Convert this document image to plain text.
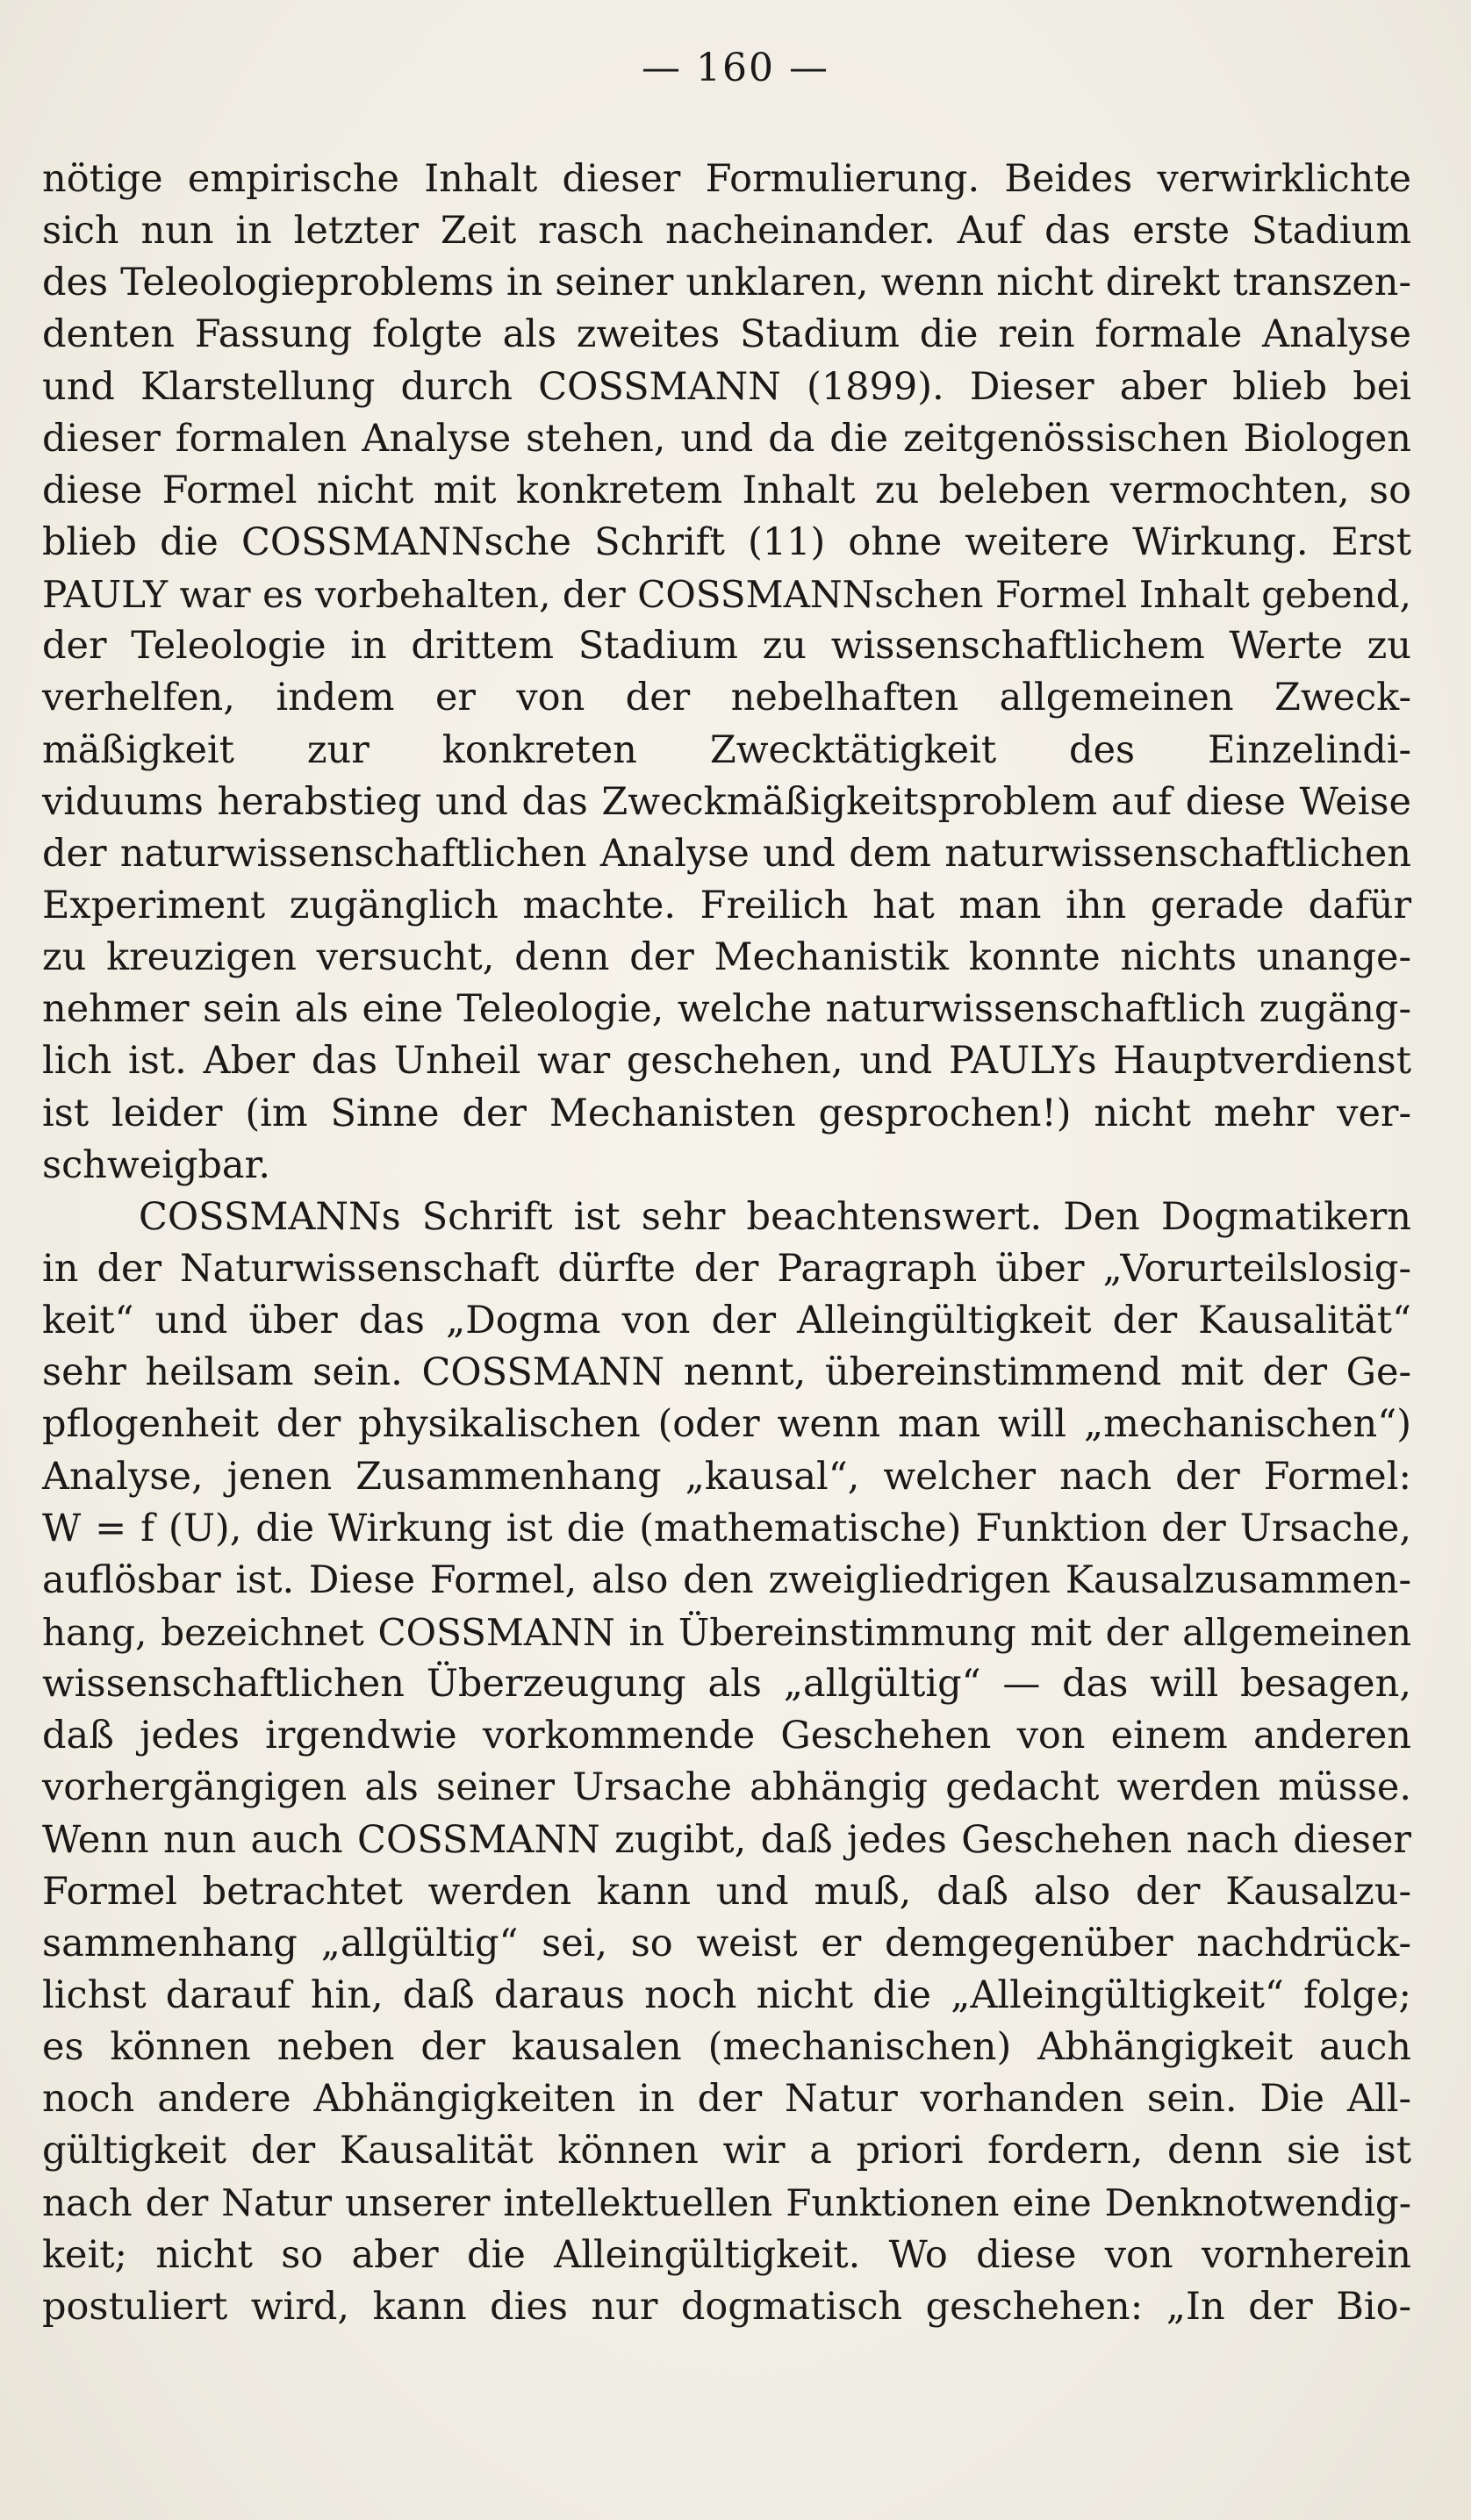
— 160 —
nötige empirische Inhalt dieser Formulierung. Beides verwirklichte
sich nun in letzter Zeit rasch nacheinander. Auf das erste Stadium
des Teleologieproblems in seiner unklaren, wenn nicht direkt transzen-
denten Fassung folgte als zweites Stadium die rein formale Analyse
und Klarstellung durch COSSMANN (1899). Dieser aber blieb bei
dieser formalen Analyse stehen, und da die zeitgenössischen Biologen
diese Formel nicht mit konkretem Inhalt zu beleben vermochten, so
blieb die COSSMANNsche Schrift (11) ohne weitere Wirkung. Erst
PAULY war es vorbehalten, der COSSMANNschen Formel Inhalt gebend,
der Teleologie in drittem Stadium zu wissenschaftlichem Werte zu
verhelfen, indem er von der nebelhaften allgemeinen Zweck-
mäßigkeit zur konkreten Zwecktätigkeit des Einzelindi-
viduums herabstieg und das Zweckmäßigkeitsproblem auf diese Weise
der naturwissenschaftlichen Analyse und dem naturwissenschaftlichen
Experiment zugänglich machte. Freilich hat man ihn gerade dafür
zu kreuzigen versucht, denn der Mechanistik konnte nichts unange-
nehmer sein als eine Teleologie, welche naturwissenschaftlich zugäng-
lich ist. Aber das Unheil war geschehen, und PAULYs Hauptverdienst
ist leider (im Sinne der Mechanisten gesprochen!) nicht mehr ver-
schweigbar.
COSSMANNs Schrift ist sehr beachtenswert. Den Dogmatikern
in der Naturwissenschaft dürfte der Paragraph über „Vorurteilslosig-
keit“ und über das „Dogma von der Alleingültigkeit der Kausalität“
sehr heilsam sein. COSSMANN nennt, übereinstimmend mit der Ge-
pflogenheit der physikalischen (oder wenn man will „mechanischen“)
Analyse, jenen Zusammenhang „kausal“, welcher nach der Formel:
W = f (U), die Wirkung ist die (mathematische) Funktion der Ursache,
auflösbar ist. Diese Formel, also den zweigliedrigen Kausalzusammen-
hang, bezeichnet COSSMANN in Übereinstimmung mit der allgemeinen
wissenschaftlichen Überzeugung als „allgültig“ — das will besagen,
daß jedes irgendwie vorkommende Geschehen von einem anderen
vorhergängigen als seiner Ursache abhängig gedacht werden müsse.
Wenn nun auch COSSMANN zugibt, daß jedes Geschehen nach dieser
Formel betrachtet werden kann und muß, daß also der Kausalzu-
sammenhang „allgültig“ sei, so weist er demgegenüber nachdrück-
lichst darauf hin, daß daraus noch nicht die „Alleingültigkeit“ folge;
es können neben der kausalen (mechanischen) Abhängigkeit auch
noch andere Abhängigkeiten in der Natur vorhanden sein. Die All-
gültigkeit der Kausalität können wir a priori fordern, denn sie ist
nach der Natur unserer intellektuellen Funktionen eine Denknotwendig-
keit; nicht so aber die Alleingültigkeit. Wo diese von vornherein
postuliert wird, kann dies nur dogmatisch geschehen: „In der Bio-
